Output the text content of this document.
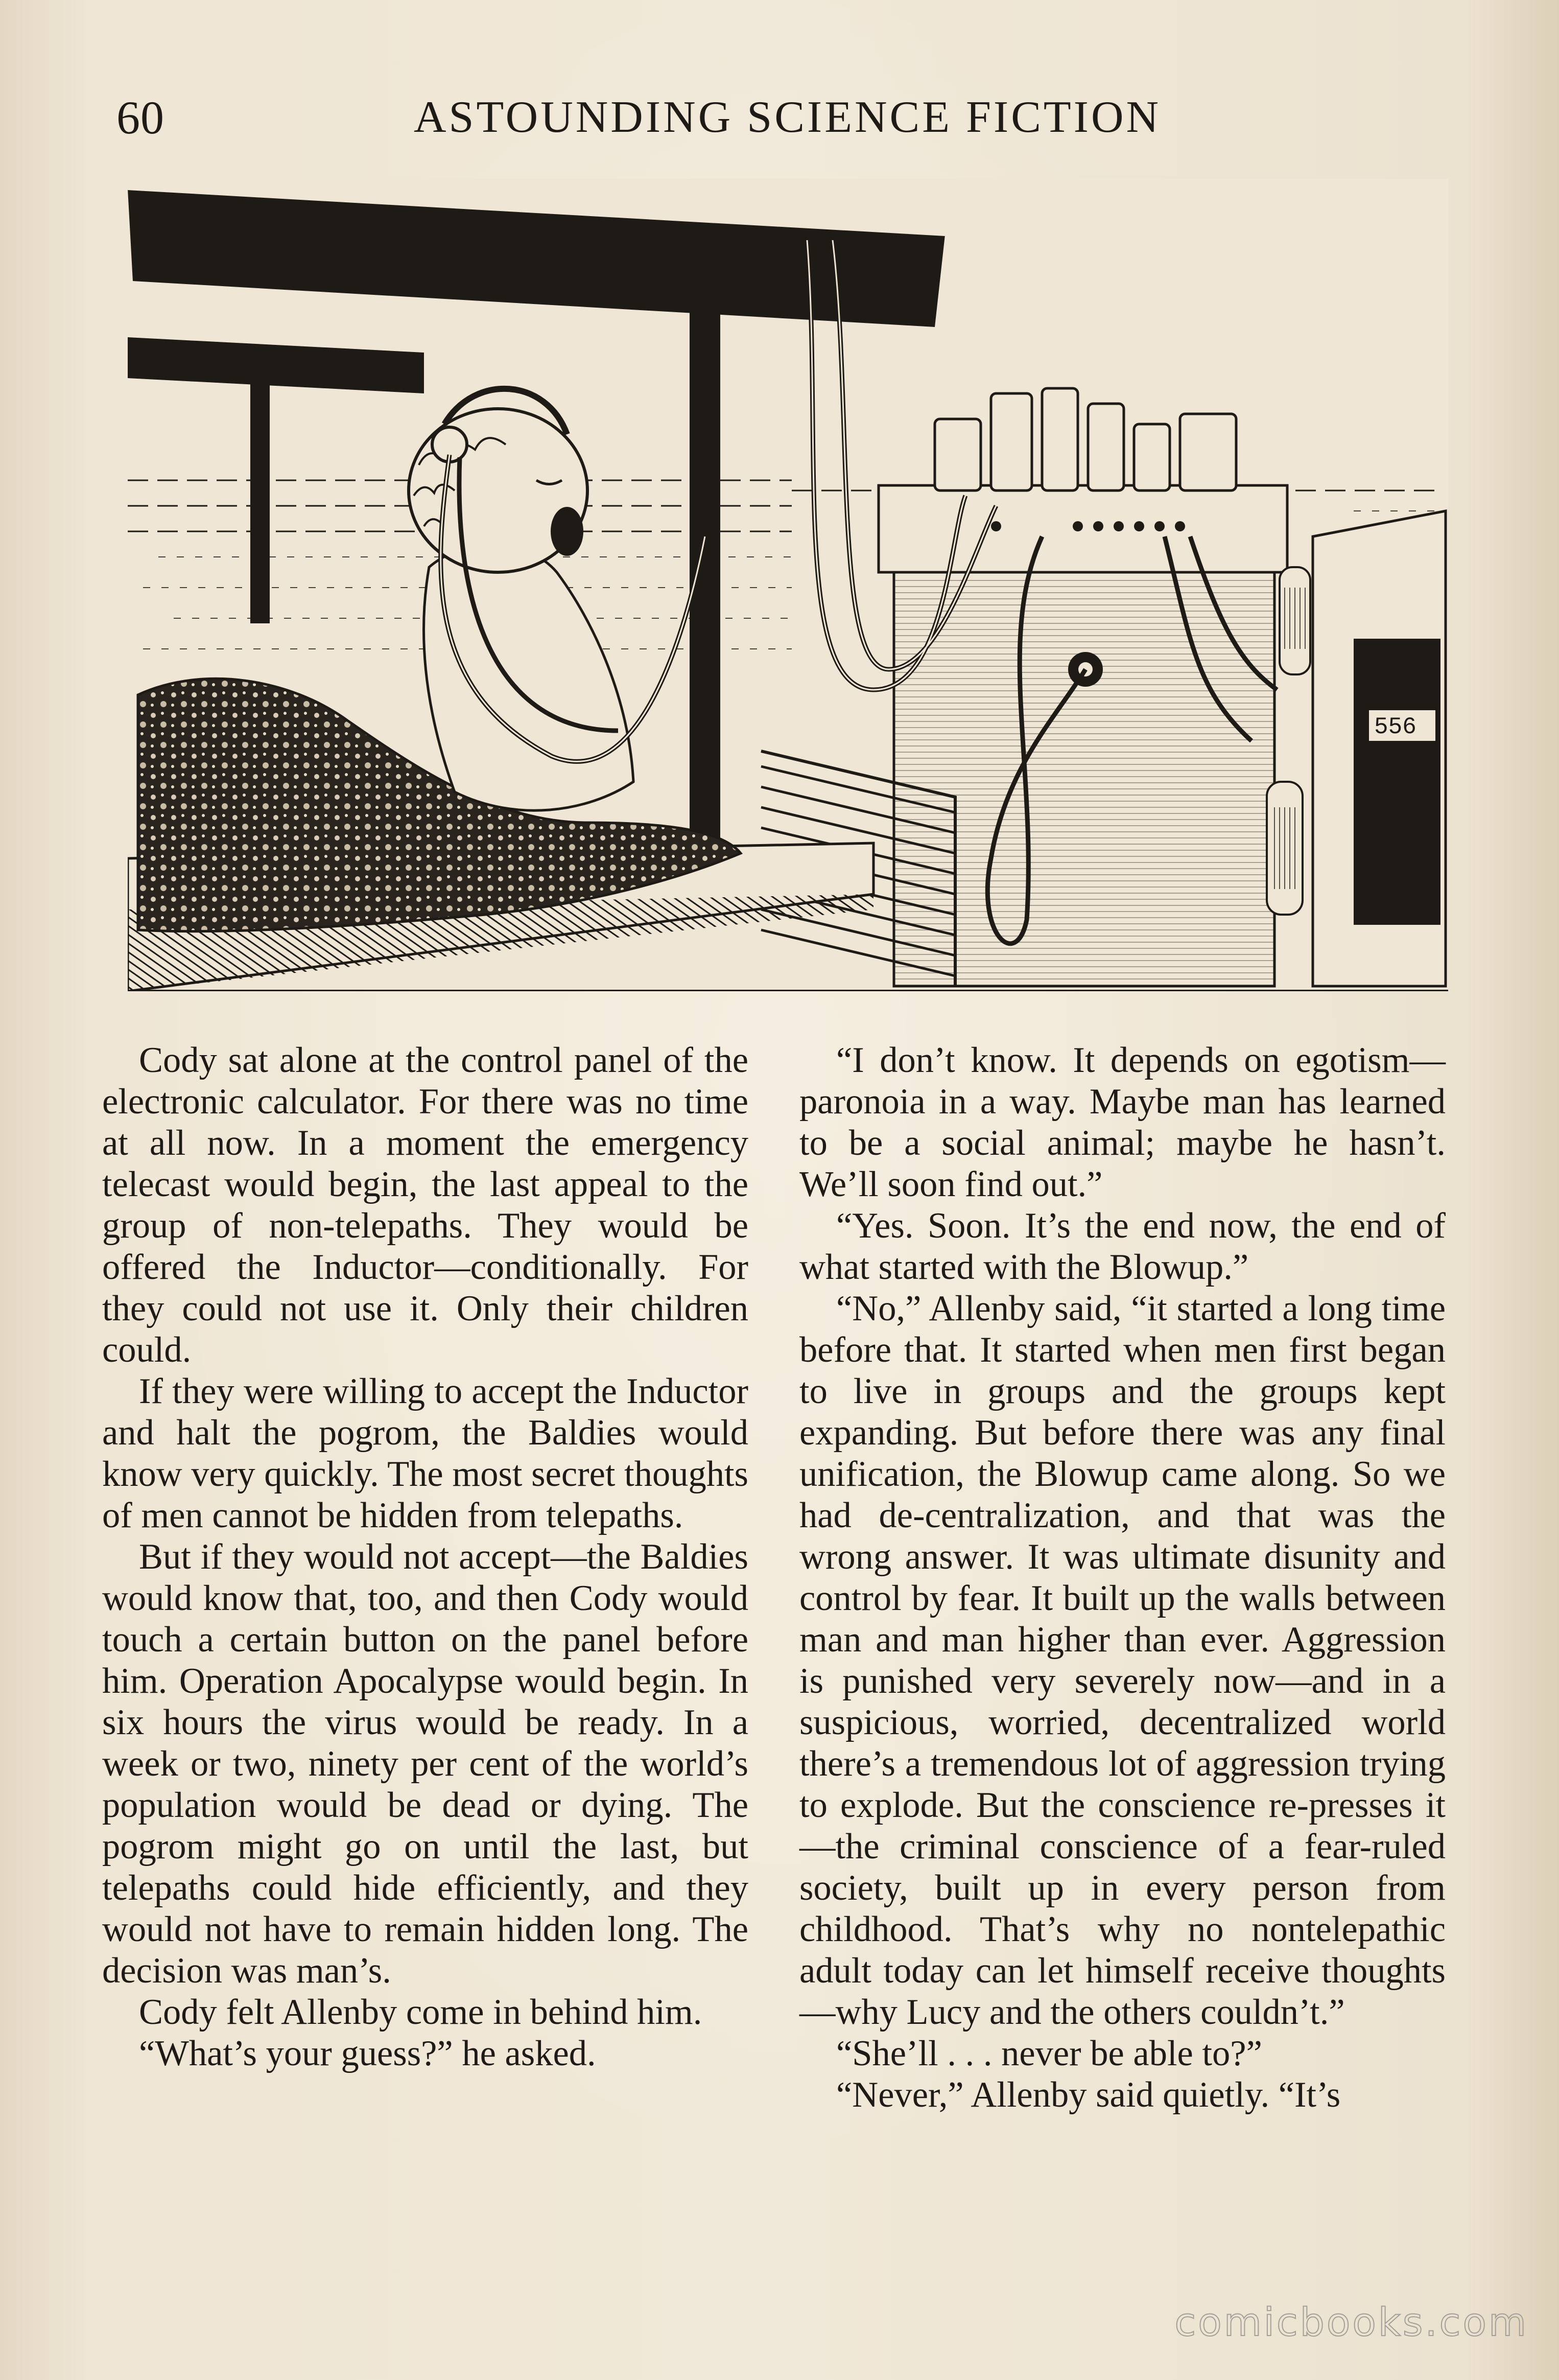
60	ASTOUNDING SCIENCE FICTION
556

Cody sat alone at the control panel of the electronic calculator. For there was no time at all now. In a moment the emergency telecast would begin, the last appeal to the group of non-telepaths. They would be offered the Inductor—conditionally. For they could not use it. Only their children could.

If they were willing to accept the Inductor and halt the pogrom, the Baldies would know very quickly. The most secret thoughts of men cannot be hidden from telepaths.

But if they would not accept—the Baldies would know that, too, and then Cody would touch a certain button on the panel before him. Operation Apocalypse would begin. In six hours the virus would be ready. In a week or two, ninety per cent of the world’s population would be dead or dying. The pogrom might go on until the last, but telepaths could hide efficiently, and they would not have to remain hidden long. The decision was man’s.

Cody felt Allenby come in behind him.

“What’s your guess?” he asked.

“I don’t know. It depends on egotism—paronoia in a way. Maybe man has learned to be a social animal; maybe he hasn’t. We’ll soon find out.”

“Yes. Soon. It’s the end now, the end of what started with the Blowup.”

“No,” Allenby said, “it started a long time before that. It started when men first began to live in groups and the groups kept expanding. But before there was any final unification, the Blowup came along. So we had de-centralization, and that was the wrong answer. It was ultimate disunity and control by fear. It built up the walls between man and man higher than ever. Aggression is punished very severely now—and in a suspicious, worried, decentralized world there’s a tremendous lot of aggression trying to explode. But the conscience re-presses it—the criminal conscience of a fear-ruled society, built up in every person from childhood. That’s why no nontelepathic adult today can let himself receive thoughts—why Lucy and the others couldn’t.”

“She’ll . . . never be able to?”

“Never,” Allenby said quietly. “It’s

comicbooks.com
